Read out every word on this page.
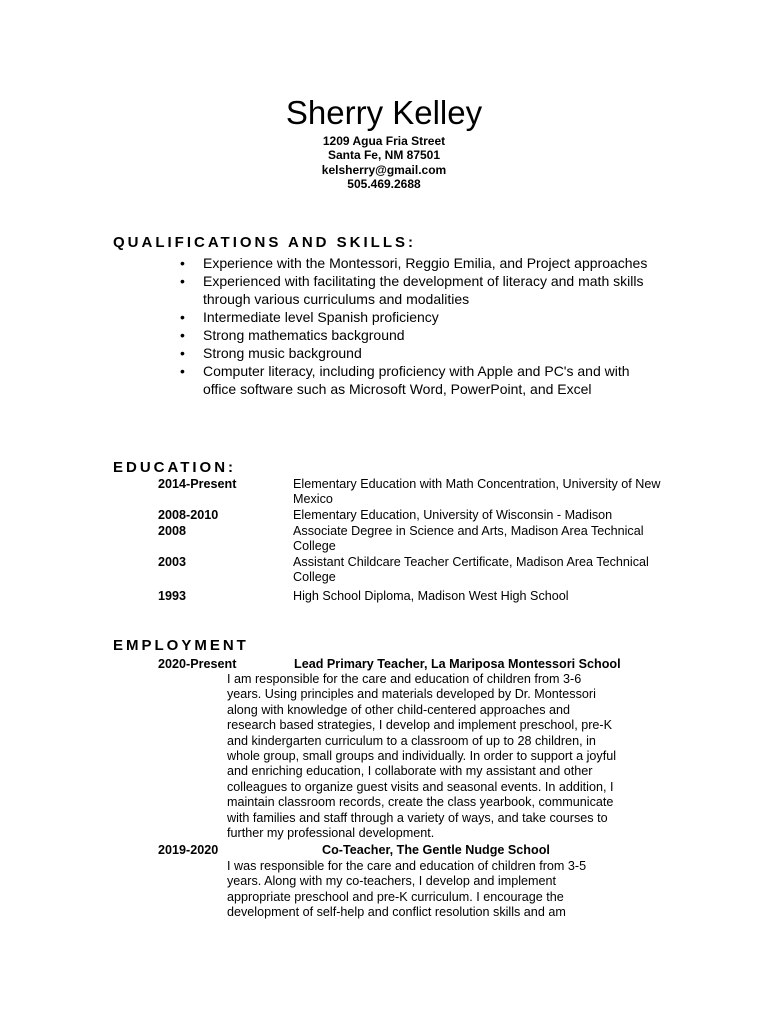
Sherry Kelley
1209 Agua Fria Street
Santa Fe, NM 87501
kelsherry@gmail.com
505.469.2688
QUALIFICATIONS AND SKILLS:
• Experience with the Montessori, Reggio Emilia, and Project approaches
• Experienced with facilitating the development of literacy and math skills through various curriculums and modalities
• Intermediate level Spanish proficiency
• Strong mathematics background
• Strong music background
• Computer literacy, including proficiency with Apple and PC's and with office software such as Microsoft Word, PowerPoint, and Excel
EDUCATION:
2014-Present	Elementary Education with Math Concentration, University of New Mexico
2008-2010	Elementary Education, University of Wisconsin - Madison
2008	Associate Degree in Science and Arts, Madison Area Technical College
2003	Assistant Childcare Teacher Certificate, Madison Area Technical College
1993	High School Diploma, Madison West High School
EMPLOYMENT
2020-Present	Lead Primary Teacher, La Mariposa Montessori School
I am responsible for the care and education of children from 3-6
years. Using principles and materials developed by Dr. Montessori
along with knowledge of other child-centered approaches and
research based strategies, I develop and implement preschool, pre-K
and kindergarten curriculum to a classroom of up to 28 children, in
whole group, small groups and individually. In order to support a joyful
and enriching education, I collaborate with my assistant and other
colleagues to organize guest visits and seasonal events. In addition, I
maintain classroom records, create the class yearbook, communicate
with families and staff through a variety of ways, and take courses to
further my professional development.
2019-2020	Co-Teacher, The Gentle Nudge School
I was responsible for the care and education of children from 3-5
years. Along with my co-teachers, I develop and implement
appropriate preschool and pre-K curriculum. I encourage the
development of self-help and conflict resolution skills and am
